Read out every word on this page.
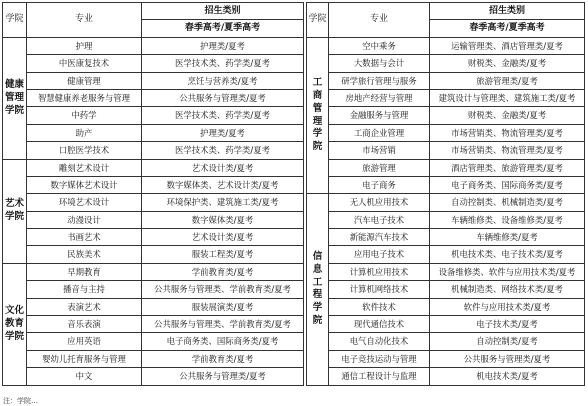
学院	专业	招生类别		学院	专业	招生类别
		春季高考/夏季高考				春季高考/夏季高考
健康管理学院	护理	护理类/夏考		工商管理学院	空中乘务	运输管理类、酒店管理类/夏考
	中医康复技术	医学技术类、药学类/夏考			大数据与会计	财税类、金融类/夏考
	健康管理	烹饪与营养类/夏考			研学旅行管理与服务	旅游管理类/夏考
	智慧健康养老服务与管理	公共服务与管理类/夏考			房地产经营与管理	建筑设计与管理类、建筑施工类/夏考
	中药学	医学技术类、药学类/夏考			金融服务与管理	财税类、金融类/夏考
	助产	护理类/夏考			工商企业管理	市场营销类、物流管理类/夏考
	口腔医学技术	医学技术类、药学类/夏考			市场营销	市场营销类、物流管理类/夏考
艺术学院	雕刻艺术设计	艺术设计类/夏考			旅游管理	酒店管理类、旅游管理类/夏考
	数字媒体艺术设计	数字媒体类、艺术设计类/夏考			电子商务	电子商务类、国际商务类/夏考
	环境艺术设计	环境保护类、建筑施工类/夏考		信息工程学院	无人机应用技术	自动控制类、机械制造类/夏考
	动漫设计	数字媒体类/夏考			汽车电子技术	车辆维修类、设备维修类/夏考
	书画艺术	艺术设计类/夏考			新能源汽车技术	车辆维修类/夏考
	民族美术	服装工程类/夏考			应用电子技术	机电技术类、电子技术类/夏考
文化教育学院	早期教育	学前教育类/夏考			计算机应用技术	设备维修类、软件与应用技术类/夏考
	播音与主持	公共服务与管理类、学前教育类/夏考			计算机网络技术	机械制造类、网络技术类/夏考
	表演艺术	服装展演类/夏考			软件技术	软件与应用技术类/夏考
	音乐表演	公共服务与管理类、学前教育类/夏考			现代通信技术	电子技术类/夏考
	应用英语	电子商务类、国际商务类/夏考			电气自动化技术	自动控制类/夏考
	婴幼儿托育服务与管理	学前教育类/夏考			电子竞技运动与管理	公共服务与管理类/夏考
	中文	公共服务与管理类/夏考			通信工程设计与监理	机电技术类/夏考
注：学院…
